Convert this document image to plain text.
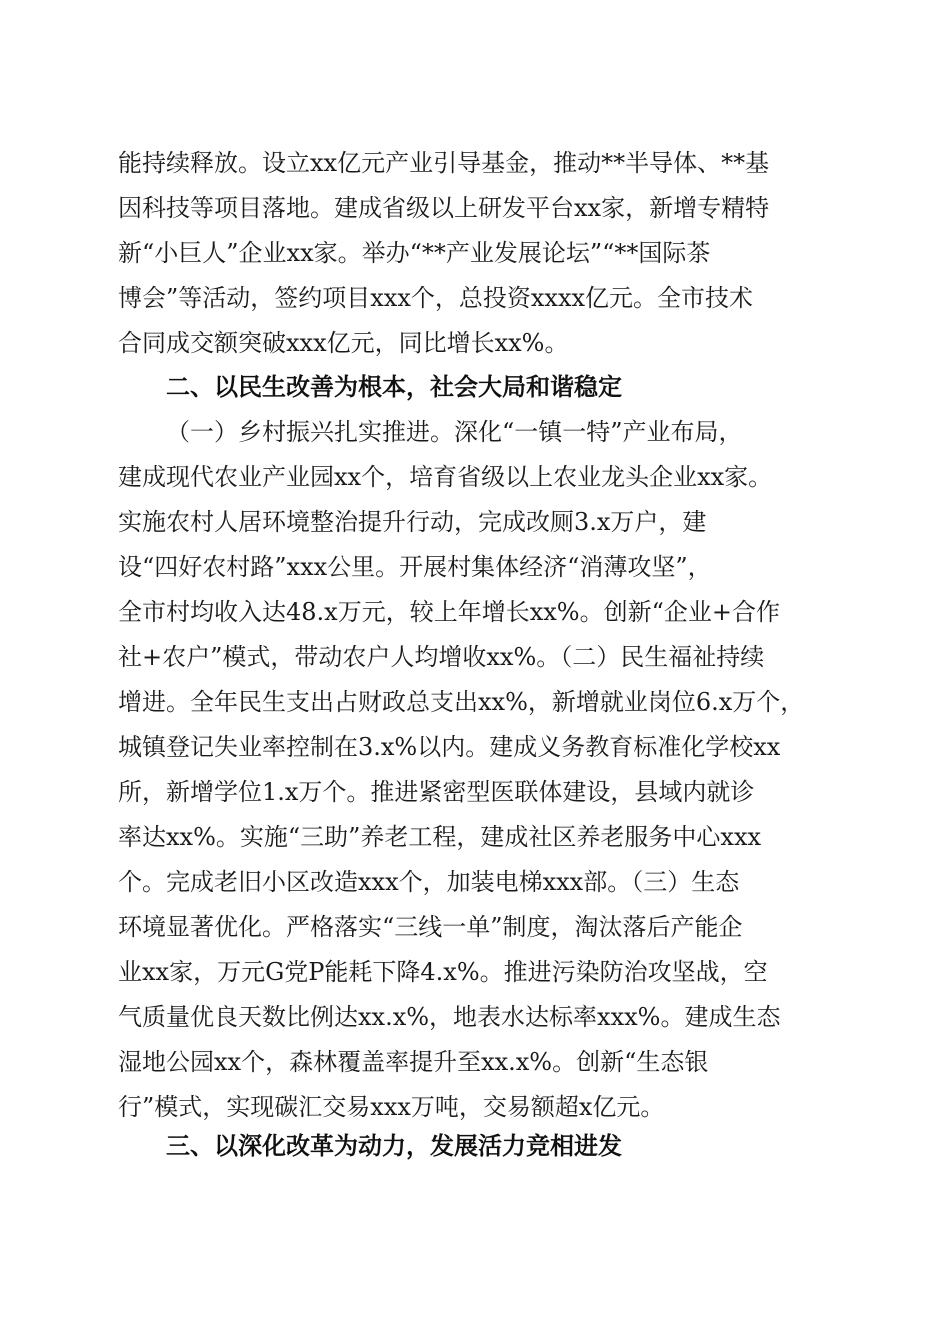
能持续释放。设立xx亿元产业引导基金，推动**半导体、**基
因科技等项目落地。建成省级以上研发平台xx家，新增专精特
新“小巨人”企业xx家。举办“**产业发展论坛”“**国际茶
博会”等活动，签约项目xxx个，总投资xxxx亿元。全市技术
合同成交额突破xxx亿元，同比增长xx%。
二、以民生改善为根本，社会大局和谐稳定
（一）乡村振兴扎实推进。深化“一镇一特”产业布局，
建成现代农业产业园xx个，培育省级以上农业龙头企业xx家。
实施农村人居环境整治提升行动，完成改厕3.x万户，建
设“四好农村路”xxx公里。开展村集体经济“消薄攻坚”，
全市村均收入达48.x万元，较上年增长xx%。创新“企业+合作
社+农户”模式，带动农户人均增收xx%。（二）民生福祉持续
增进。全年民生支出占财政总支出xx%，新增就业岗位6.x万个，
城镇登记失业率控制在3.x%以内。建成义务教育标准化学校xx
所，新增学位1.x万个。推进紧密型医联体建设，县域内就诊
率达xx%。实施“三助”养老工程，建成社区养老服务中心xxx
个。完成老旧小区改造xxx个，加装电梯xxx部。（三）生态
环境显著优化。严格落实“三线一单”制度，淘汰落后产能企
业xx家，万元G党P能耗下降4.x%。推进污染防治攻坚战，空
气质量优良天数比例达xx.x%，地表水达标率xxx%。建成生态
湿地公园xx个，森林覆盖率提升至xx.x%。创新“生态银
行”模式，实现碳汇交易xxx万吨，交易额超x亿元。
三、以深化改革为动力，发展活力竞相进发
